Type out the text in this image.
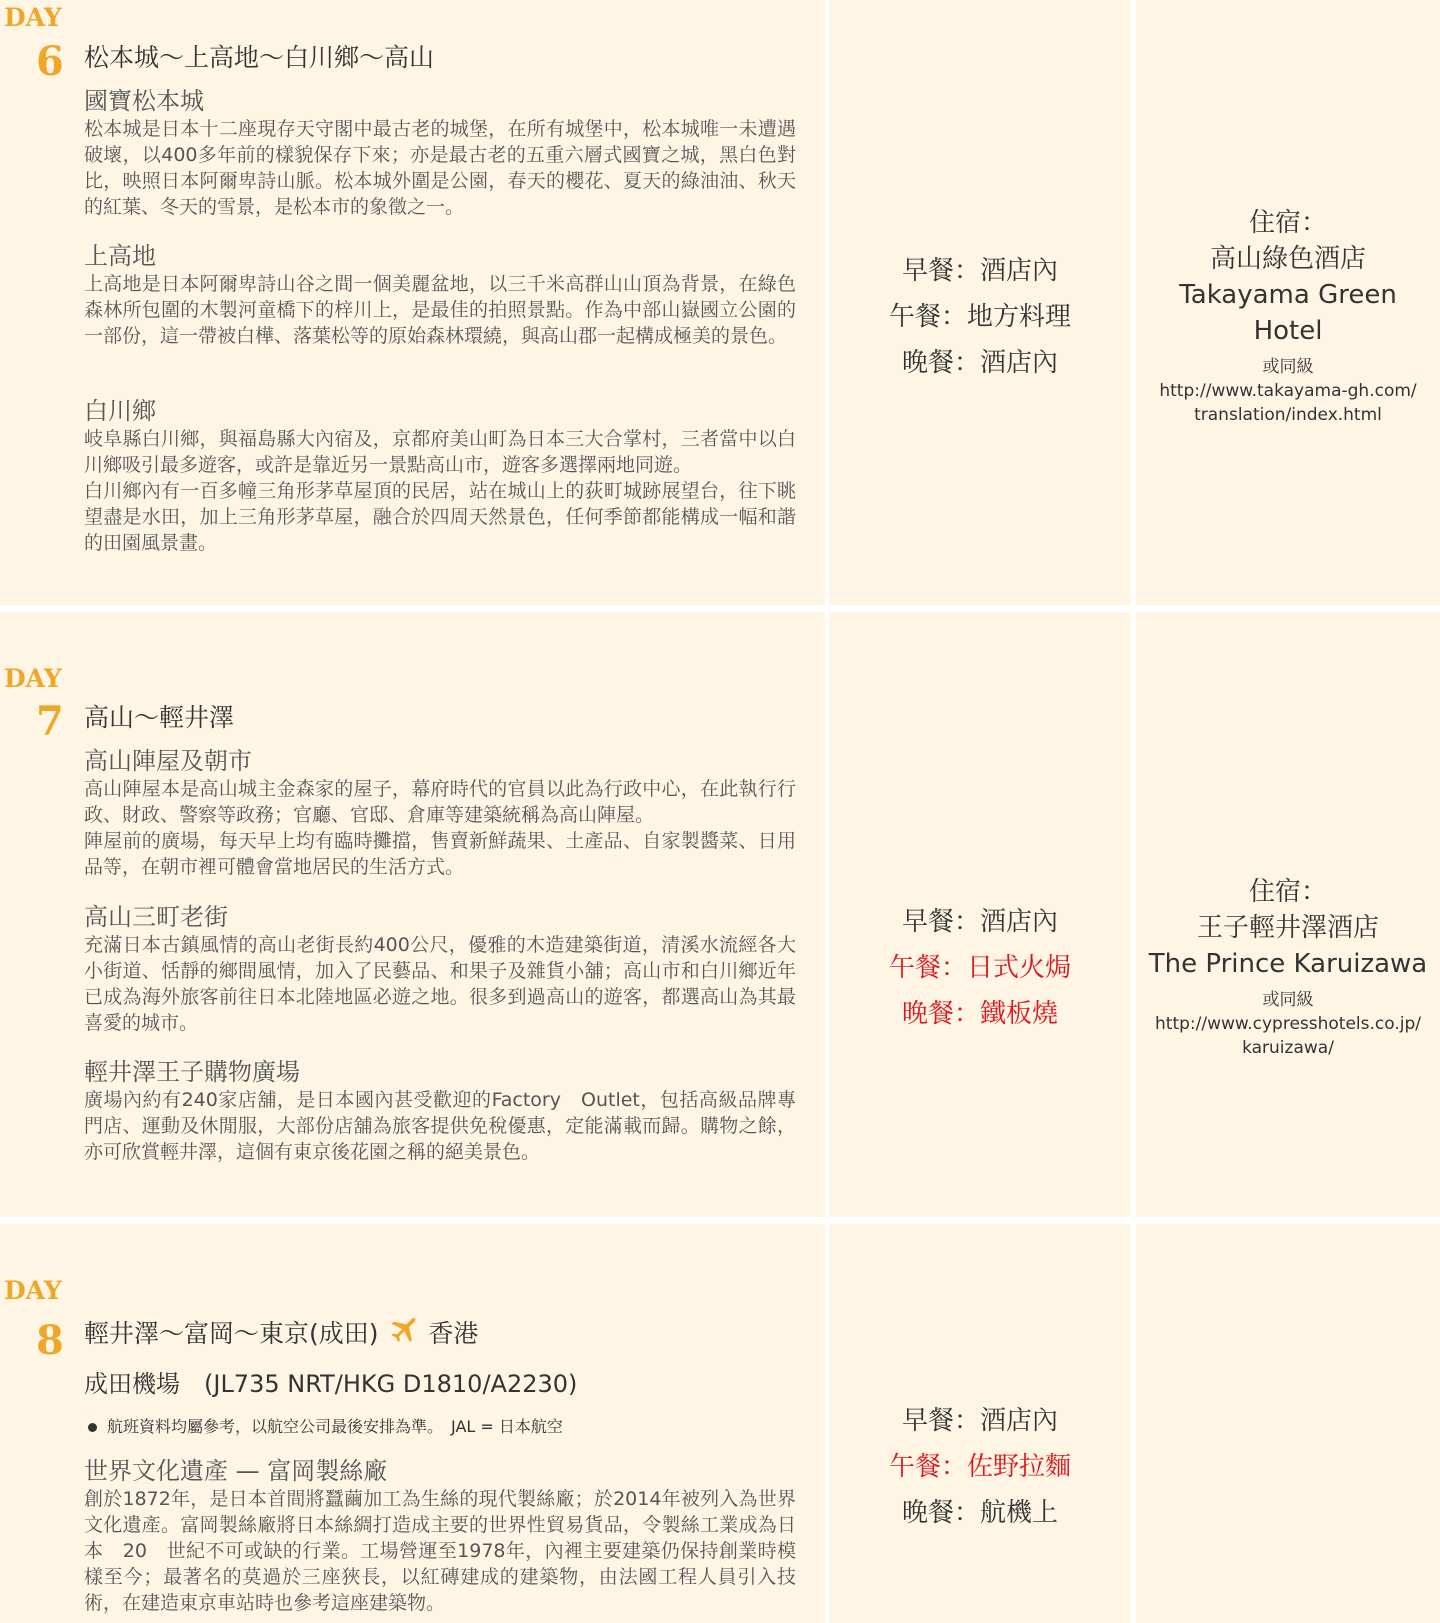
DAY
6 松本城～上高地～白川鄉～高山
國寶松本城
松本城是日本十二座現存天守閣中最古老的城堡，在所有城堡中，松本城唯一未遭遇破壞，以400多年前的樣貌保存下來；亦是最古老的五重六層式國寶之城，黑白色對比，映照日本阿爾卑詩山脈。松本城外圍是公園，春天的櫻花、夏天的綠油油、秋天的紅葉、冬天的雪景，是松本市的象徵之一。
上高地
上高地是日本阿爾卑詩山谷之間一個美麗盆地，以三千米高群山山頂為背景，在綠色森林所包圍的木製河童橋下的梓川上，是最佳的拍照景點。作為中部山嶽國立公園的一部份，這一帶被白樺、落葉松等的原始森林環繞，與高山郡一起構成極美的景色。
白川鄉
岐阜縣白川鄉，與福島縣大內宿及，京都府美山町為日本三大合掌村，三者當中以白川鄉吸引最多遊客，或許是靠近另一景點高山市，遊客多選擇兩地同遊。
白川鄉內有一百多幢三角形茅草屋頂的民居，站在城山上的荻町城跡展望台，往下眺望盡是水田，加上三角形茅草屋，融合於四周天然景色，任何季節都能構成一幅和諧的田園風景畫。
早餐：酒店內
午餐：地方料理
晚餐：酒店內
住宿：
高山綠色酒店
Takayama Green
Hotel
或同級
http://www.takayama-gh.com/
translation/index.html
DAY
7 高山～輕井澤
高山陣屋及朝市
高山陣屋本是高山城主金森家的屋子，幕府時代的官員以此為行政中心，在此執行行政、財政、警察等政務；官廳、官邸、倉庫等建築統稱為高山陣屋。
陣屋前的廣場，每天早上均有臨時攤擋，售賣新鮮蔬果、土產品、自家製醬菜、日用品等，在朝市裡可體會當地居民的生活方式。
高山三町老街
充滿日本古鎮風情的高山老街長約400公尺，優雅的木造建築街道，清溪水流經各大小街道、恬靜的鄉間風情，加入了民藝品、和果子及雜貨小舖；高山市和白川鄉近年已成為海外旅客前往日本北陸地區必遊之地。很多到過高山的遊客，都選高山為其最喜愛的城市。
輕井澤王子購物廣場
廣場內約有240家店舖，是日本國內甚受歡迎的Factory　Outlet，包括高級品牌專門店、運動及休閒服，大部份店舖為旅客提供免稅優惠，定能滿載而歸。購物之餘，亦可欣賞輕井澤，這個有東京後花園之稱的絕美景色。
早餐：酒店內
午餐：日式火焗
晚餐：鐵板燒
住宿：
王子輕井澤酒店
The Prince Karuizawa
或同級
http://www.cypresshotels.co.jp/
karuizawa/
DAY
8 輕井澤～富岡～東京(成田) 香港
成田機場　(JL735 NRT/HKG D1810/A2230)
航班資料均屬參考，以航空公司最後安排為準。　JAL = 日本航空
世界文化遺產 — 富岡製絲廠
創於1872年，是日本首間將蠶繭加工為生絲的現代製絲廠；於2014年被列入為世界文化遺產。富岡製絲廠將日本絲綢打造成主要的世界性貿易貨品，令製絲工業成為日本　20　世紀不可或缺的行業。工場營運至1978年，內裡主要建築仍保持創業時模樣至今；最著名的莫過於三座狹長，以紅磚建成的建築物，由法國工程人員引入技術，在建造東京車站時也參考這座建築物。
早餐：酒店內
午餐：佐野拉麵
晚餐：航機上
